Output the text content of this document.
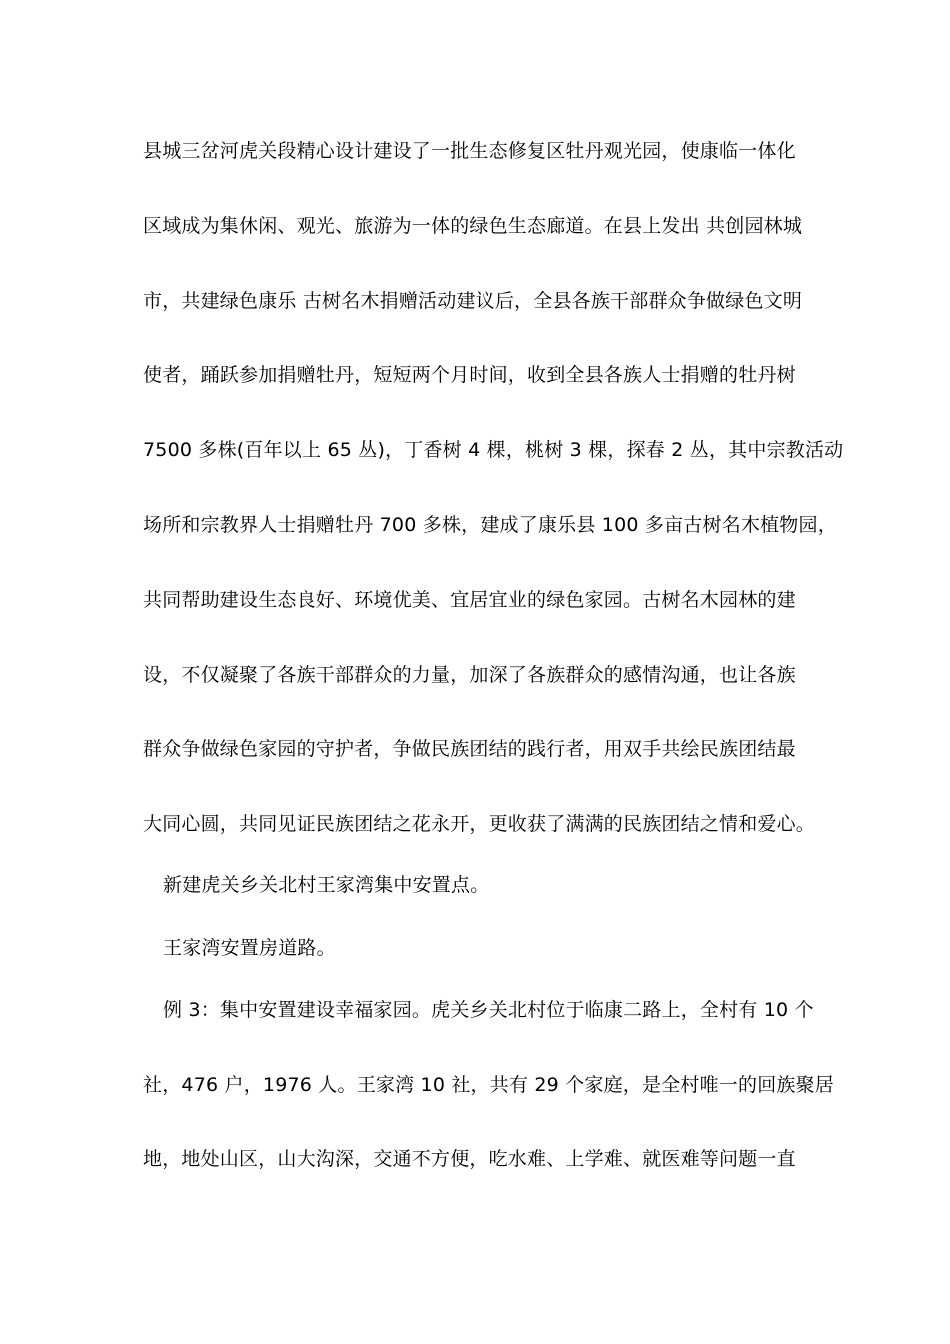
县城三岔河虎关段精心设计建设了一批生态修复区牡丹观光园，使康临一体化
区域成为集休闲、观光、旅游为一体的绿色生态廊道。在县上发出 共创园林城
市，共建绿色康乐 古树名木捐赠活动建议后，全县各族干部群众争做绿色文明
使者，踊跃参加捐赠牡丹，短短两个月时间，收到全县各族人士捐赠的牡丹树
7500 多株(百年以上 65 丛)，丁香树 4 棵，桃树 3 棵，探春 2 丛，其中宗教活动
场所和宗教界人士捐赠牡丹 700 多株，建成了康乐县 100 多亩古树名木植物园，
共同帮助建设生态良好、环境优美、宜居宜业的绿色家园。古树名木园林的建
设，不仅凝聚了各族干部群众的力量，加深了各族群众的感情沟通，也让各族
群众争做绿色家园的守护者，争做民族团结的践行者，用双手共绘民族团结最
大同心圆，共同见证民族团结之花永开，更收获了满满的民族团结之情和爱心。
新建虎关乡关北村王家湾集中安置点。
王家湾安置房道路。
例 3：集中安置建设幸福家园。虎关乡关北村位于临康二路上，全村有 10 个
社，476 户，1976 人。王家湾 10 社，共有 29 个家庭，是全村唯一的回族聚居
地，地处山区，山大沟深，交通不方便，吃水难、上学难、就医难等问题一直
